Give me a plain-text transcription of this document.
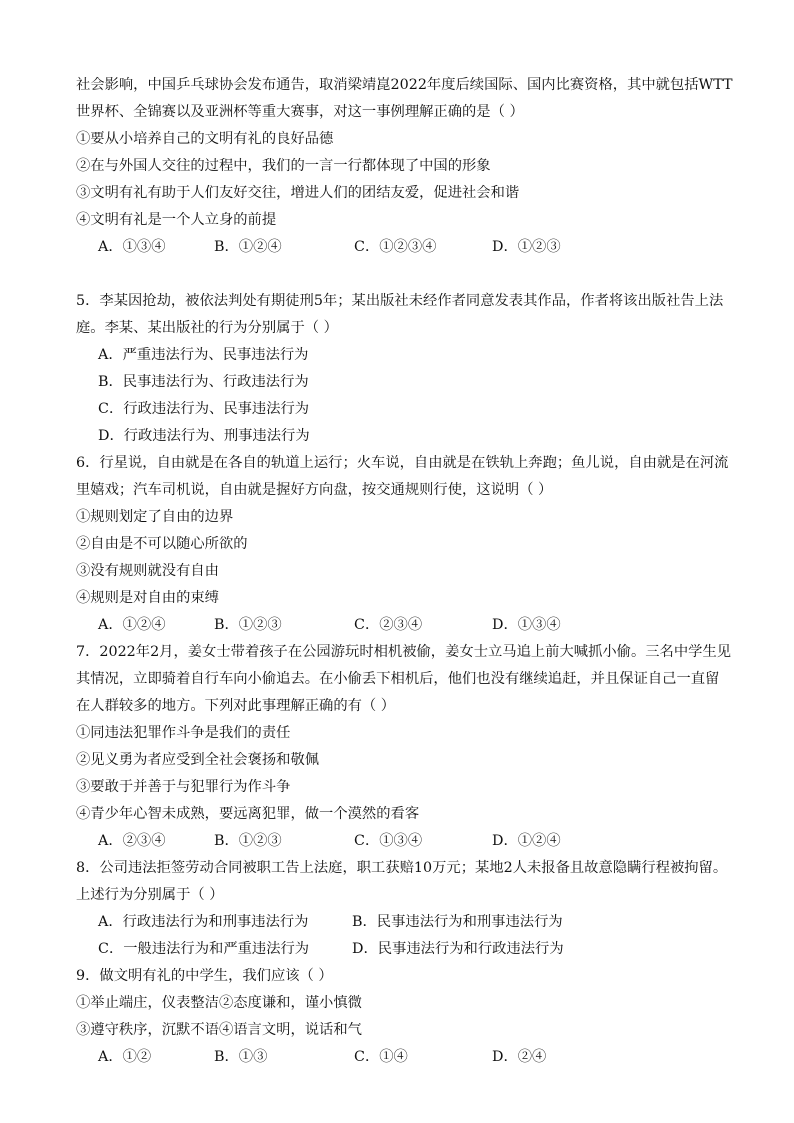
社会影响，中国乒乓球协会发布通告，取消梁靖崑2022年度后续国际、国内比赛资格，其中就包括WTT
世界杯、全锦赛以及亚洲杯等重大赛事，对这一事例理解正确的是（ ）
①要从小培养自己的文明有礼的良好品德
②在与外国人交往的过程中，我们的一言一行都体现了中国的形象
③文明有礼有助于人们友好交往，增进人们的团结友爱，促进社会和谐
④文明有礼是一个人立身的前提
A．①③④	B．①②④	C．①②③④	D．①②③
5．李某因抢劫，被依法判处有期徒刑5年；某出版社未经作者同意发表其作品，作者将该出版社告上法
庭。李某、某出版社的行为分别属于（ ）
A．严重违法行为、民事违法行为
B．民事违法行为、行政违法行为
C．行政违法行为、民事违法行为
D．行政违法行为、刑事违法行为
6．行星说，自由就是在各自的轨道上运行；火车说，自由就是在铁轨上奔跑；鱼儿说，自由就是在河流
里嬉戏；汽车司机说，自由就是握好方向盘，按交通规则行使，这说明（ ）
①规则划定了自由的边界
②自由是不可以随心所欲的
③没有规则就没有自由
④规则是对自由的束缚
A．①②④	B．①②③	C．②③④	D．①③④
7．2022年2月，姜女士带着孩子在公园游玩时相机被偷，姜女士立马追上前大喊抓小偷。三名中学生见
其情况，立即骑着自行车向小偷追去。在小偷丢下相机后，他们也没有继续追赶，并且保证自己一直留
在人群较多的地方。下列对此事理解正确的有（ ）
①同违法犯罪作斗争是我们的责任
②见义勇为者应受到全社会褒扬和敬佩
③要敢于并善于与犯罪行为作斗争
④青少年心智未成熟，要远离犯罪，做一个漠然的看客
A．②③④	B．①②③	C．①③④	D．①②④
8．公司违法拒签劳动合同被职工告上法庭，职工获赔10万元；某地2人未报备且故意隐瞒行程被拘留。
上述行为分别属于（ ）
A．行政违法行为和刑事违法行为	B．民事违法行为和刑事违法行为
C．一般违法行为和严重违法行为	D．民事违法行为和行政违法行为
9．做文明有礼的中学生，我们应该（ ）
①举止端庄，仪表整洁②态度谦和，谨小慎微
③遵守秩序，沉默不语④语言文明，说话和气
A．①②	B．①③	C．①④	D．②④
